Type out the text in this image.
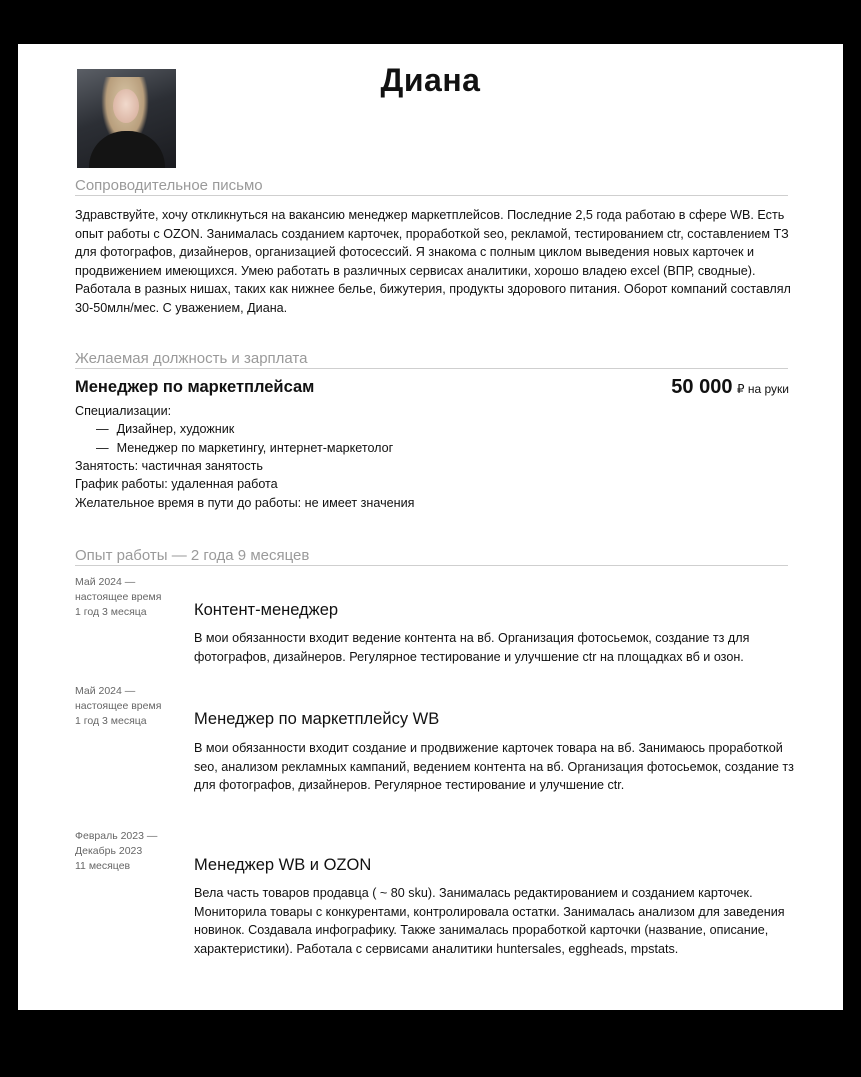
Диана
Сопроводительное письмо
Здравствуйте, хочу откликнуться на вакансию менеджер маркетплейсов. Последние 2,5 года работаю в сфере WB. Есть опыт работы с OZON. Занималась созданием карточек, проработкой seo, рекламой, тестированием ctr, составлением ТЗ для фотографов, дизайнеров, организацией фотосессий. Я знакома с полным циклом выведения новых карточек и продвижением имеющихся. Умею работать в различных сервисах аналитики, хорошо владею excel (ВПР, сводные). Работала в разных нишах, таких как нижнее белье, бижутерия, продукты здорового питания. Оборот компаний составлял 30-50млн/мес. С уважением, Диана.
Желаемая должность и зарплата
Менеджер по маркетплейсам	50 000 ₽ на руки
Специализации:
— Дизайнер, художник
— Менеджер по маркетингу, интернет-маркетолог
Занятость: частичная занятость
График работы: удаленная работа
Желательное время в пути до работы: не имеет значения
Опыт работы — 2 года 9 месяцев
Май 2024 —
настоящее время
1 год 3 месяца	Контент-менеджер
В мои обязанности входит ведение контента на вб. Организация фотосьемок, создание тз для фотографов, дизайнеров. Регулярное тестирование и улучшение ctr на площадках вб и озон.
Май 2024 —
настоящее время
1 год 3 месяца	Менеджер по маркетплейсу WB
В мои обязанности входит создание и продвижение карточек товара на вб. Занимаюсь проработкой seo, анализом рекламных кампаний, ведением контента на вб. Организация фотосьемок, создание тз для фотографов, дизайнеров. Регулярное тестирование и улучшение ctr.
Февраль 2023 —
Декабрь 2023
11 месяцев	Менеджер WB и OZON
Вела часть товаров продавца ( ~ 80 sku). Занималась редактированием и созданием карточек. Мониторила товары с конкурентами, контролировала остатки. Занималась анализом для заведения новинок. Создавала инфографику. Также занималась проработкой карточки (название, описание, характеристики). Работала с сервисами аналитики huntersales, eggheads, mpstats.
